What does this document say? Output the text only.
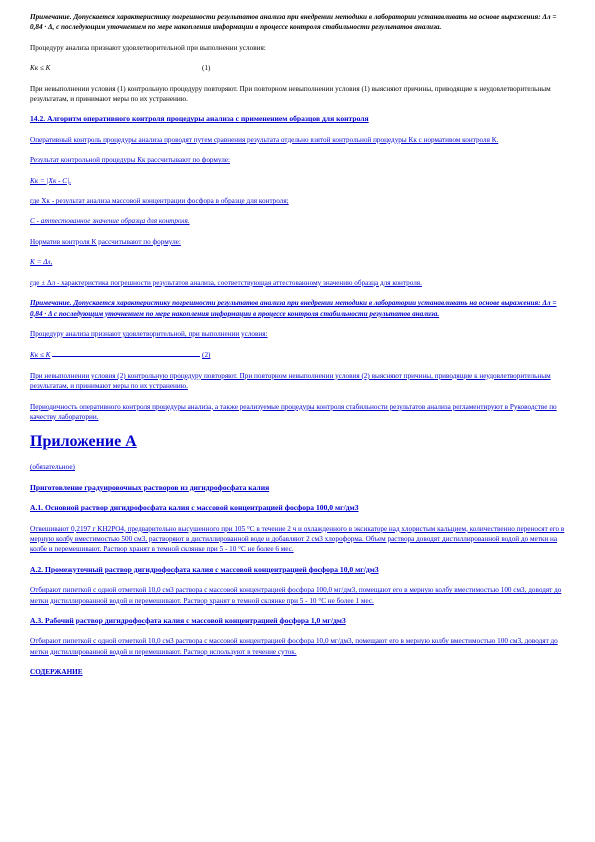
Примечание. Допускается характеристику погрешности результатов анализа при внедрении методики в лаборатории устанавливать на основе выражения: Δл = 0,84 · Δ, с последующим уточнением по мере накопления информации в процессе контроля стабильности результатов анализа.

Процедуру анализа признают удовлетворительной при выполнении условия:

Кк ≤ К	(1)

При невыполнении условия (1) контрольную процедуру повторяют. При повторном невыполнении условия (1) выясняют причины, приводящие к неудовлетворительным результатам, и принимают меры по их устранению.

14.2. Алгоритм оперативного контроля процедуры анализа с применением образцов для контроля

Оперативный контроль процедуры анализа проводят путем сравнения результата отдельно взятой контрольной процедуры Кк с нормативом контроля К.

Результат контрольной процедуры Кк рассчитывают по формуле:

Кк = |Хк - С|,

где Хк - результат анализа массовой концентрации фосфора в образце для контроля;

С - аттестованное значение образца для контроля.

Норматив контроля К рассчитывают по формуле:

К = Δл,

где ± Δл - характеристика погрешности результатов анализа, соответствующая аттестованному значению образца для контроля.

Примечание. Допускается характеристику погрешности результатов анализа при внедрении методики в лаборатории устанавливать на основе выражения: Δл = 0,84 · Δ с последующим уточнением по мере накопления информации в процессе контроля стабильности результатов анализа.

Процедуру анализа признают удовлетворительной, при выполнении условия:

Кк ≤ К	(2)

При невыполнении условия (2) контрольную процедуру повторяют. При повторном невыполнении условия (2) выясняют причины, приводящие к неудовлетворительным результатам, и принимают меры по их устранению.

Периодичность оперативного контроля процедуры анализа, а также реализуемые процедуры контроля стабильности результатов анализа регламентируют в Руководстве по качеству лаборатории.

Приложение А

(обязательное)

Приготовление градуировочных растворов из дигидрофосфата калия

А.1. Основной раствор дигидрофосфата калия с массовой концентрацией фосфора 100,0 мг/дм3

Отвешивают 0,2197 г KH2PO4, предварительно высушенного при 105 °С в течение 2 ч и охлажденного в эксикаторе над хлористым кальцием, количественно переносят его в мерную колбу вместимостью 500 см3, растворяют в дистиллированной воде и добавляют 2 см3 хлороформа. Объем раствора доводят дистиллированной водой до метки на колбе и перемешивают. Раствор хранят в темной склянке при 5 - 10 °С не более 6 мес.

А.2. Промежуточный раствор дигидрофосфата калия с массовой концентрацией фосфора 10,0 мг/дм3

Отбирают пипеткой с одной отметкой 10,0 см3 раствора с массовой концентрацией фосфора 100,0 мг/дм3, помещают его в мерную колбу вместимостью 100 см3, доводят до метки дистиллированной водой и перемешивают. Раствор хранят в темной склянке при 5 - 10 °С не более 1 мес.

А.3. Рабочий раствор дигидрофосфата калия с массовой концентрацией фосфора 1,0 мг/дм3

Отбирают пипеткой с одной отметкой 10,0 см3 раствора с массовой концентрацией фосфора 10,0 мг/дм3, помещают его в мерную колбу вместимостью 100 см3, доводят до метки дистиллированной водой и перемешивают. Раствор используют в течение суток.

СОДЕРЖАНИЕ
